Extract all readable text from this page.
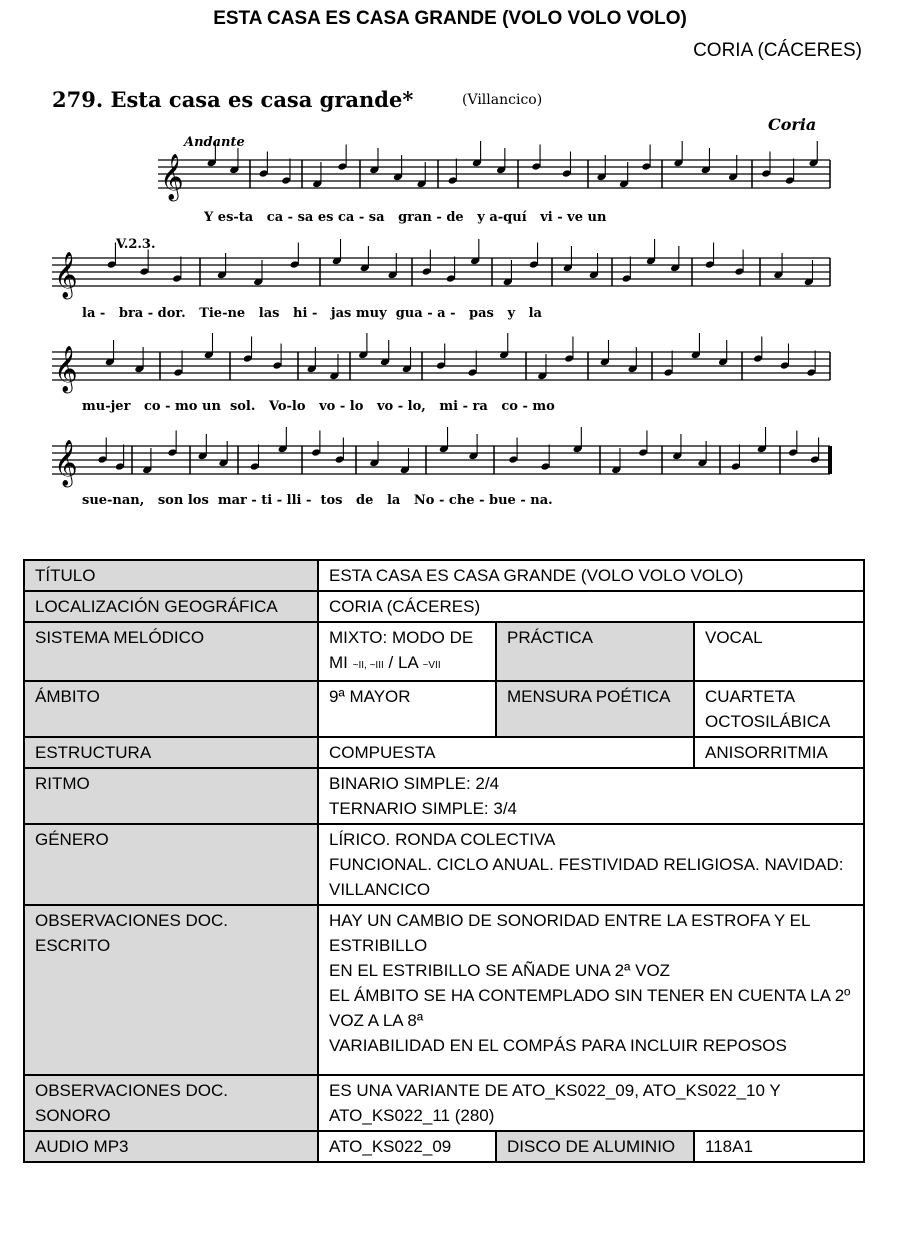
ESTA CASA ES CASA GRANDE (VOLO VOLO VOLO)
CORIA (CÁCERES)
279. Esta casa es casa grande*	(Villancico)
Coria
Andante
V.2.3.
𝄞
𝄞
𝄞
𝄞
Y es-ta   ca - sa es ca - sa   gran - de   y a-quí   vi - ve un
la -   bra - dor.   Tie-ne   las   hi -   jas muy  gua - a -   pas   y   la
mu-jer   co - mo un  sol.   Vo-lo   vo - lo   vo - lo,   mi - ra   co - mo
sue-nan,   son los  mar - ti - lli -  tos   de   la   No - che - bue - na.
TÍTULO	ESTA CASA ES CASA GRANDE (VOLO VOLO VOLO)		
LOCALIZACIÓN GEOGRÁFICA	CORIA (CÁCERES)		
SISTEMA MELÓDICO	MIXTO: MODO DE MI ~II, ~III / LA ~VII	PRÁCTICA	VOCAL
ÁMBITO	9ª MAYOR	MENSURA POÉTICA	CUARTETA OCTOSILÁBICA
ESTRUCTURA	COMPUESTA		ANISORRITMIA
RITMO	BINARIO SIMPLE: 2/4
TERNARIO SIMPLE: 3/4		

GÉNERO	LÍRICO. RONDA COLECTIVA
FUNCIONAL. CICLO ANUAL. FESTIVIDAD RELIGIOSA. NAVIDAD: VILLANCICO		

OBSERVACIONES DOC. ESCRITO	HAY UN CAMBIO DE SONORIDAD ENTRE LA ESTROFA Y EL ESTRIBILLO
EN EL ESTRIBILLO SE AÑADE UNA 2ª VOZ
EL ÁMBITO SE HA CONTEMPLADO SIN TENER EN CUENTA LA 2º VOZ A LA 8ª
VARIABILIDAD EN EL COMPÁS PARA INCLUIR REPOSOS		

OBSERVACIONES DOC. SONORO	ES UNA VARIANTE DE ATO_KS022_09, ATO_KS022_10 Y ATO_KS022_11 (280)		
AUDIO MP3	ATO_KS022_09	DISCO DE ALUMINIO	118A1
